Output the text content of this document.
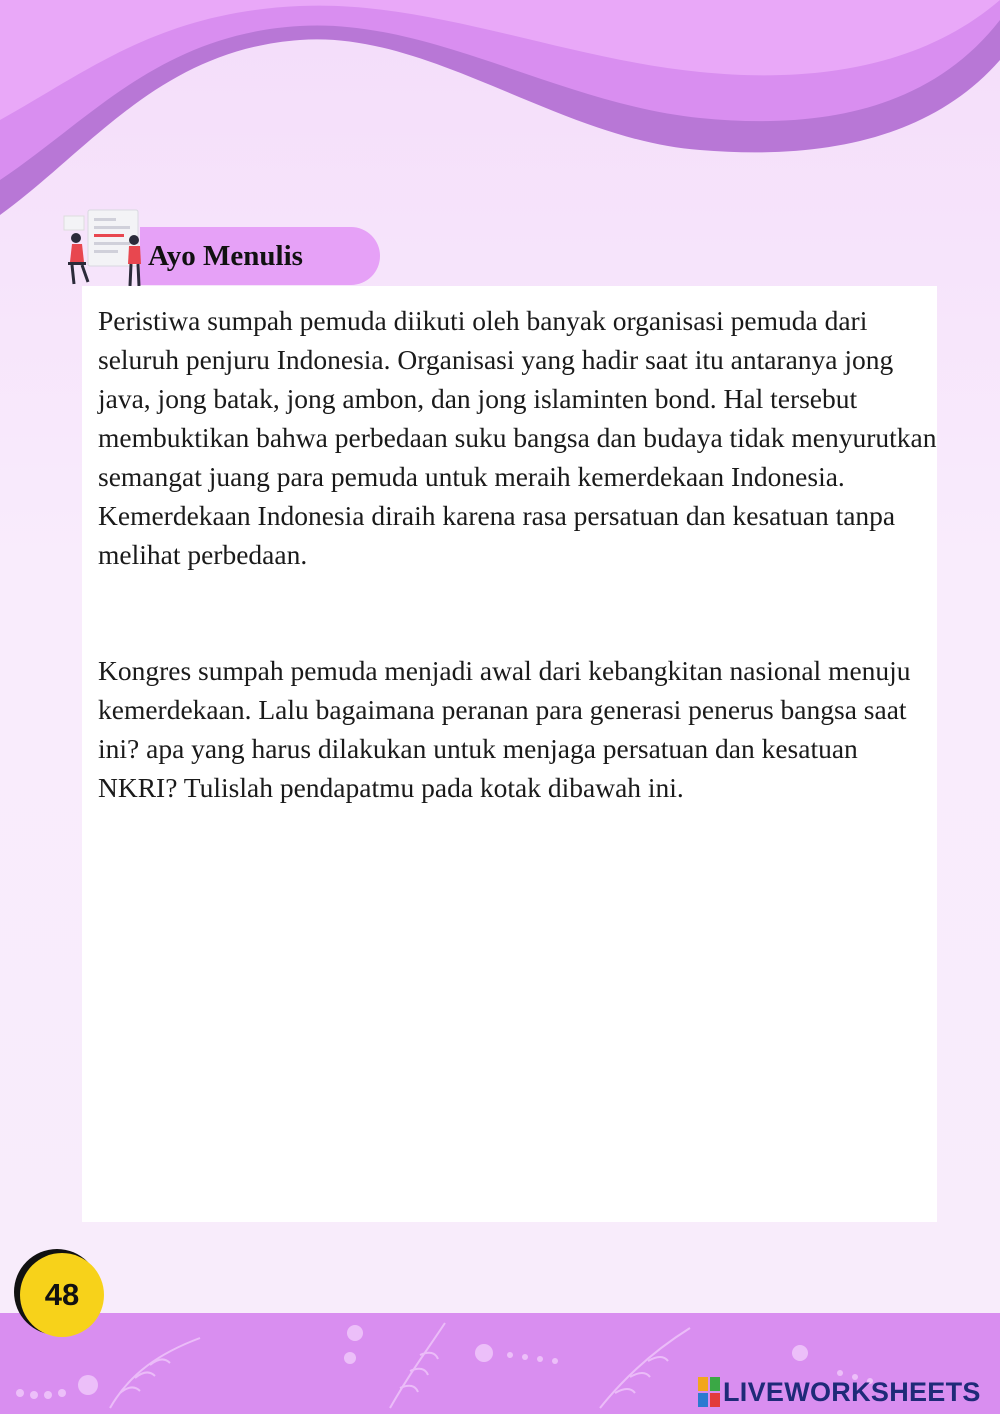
Ayo Menulis

Peristiwa sumpah pemuda diikuti oleh banyak organisasi pemuda dari seluruh penjuru Indonesia. Organisasi yang hadir saat itu antaranya jong java, jong batak, jong ambon, dan jong islaminten bond. Hal tersebut membuktikan bahwa perbedaan suku bangsa dan budaya tidak menyurutkan semangat juang para pemuda untuk meraih kemerdekaan Indonesia. Kemerdekaan Indonesia diraih karena rasa persatuan dan kesatuan tanpa melihat perbedaan.

Kongres sumpah pemuda menjadi awal dari kebangkitan nasional menuju kemerdekaan. Lalu bagaimana peranan para generasi penerus bangsa saat ini? apa yang harus dilakukan untuk menjaga persatuan dan kesatuan NKRI? Tulislah pendapatmu pada kotak dibawah ini.

48
LIVEWORKSHEETS
